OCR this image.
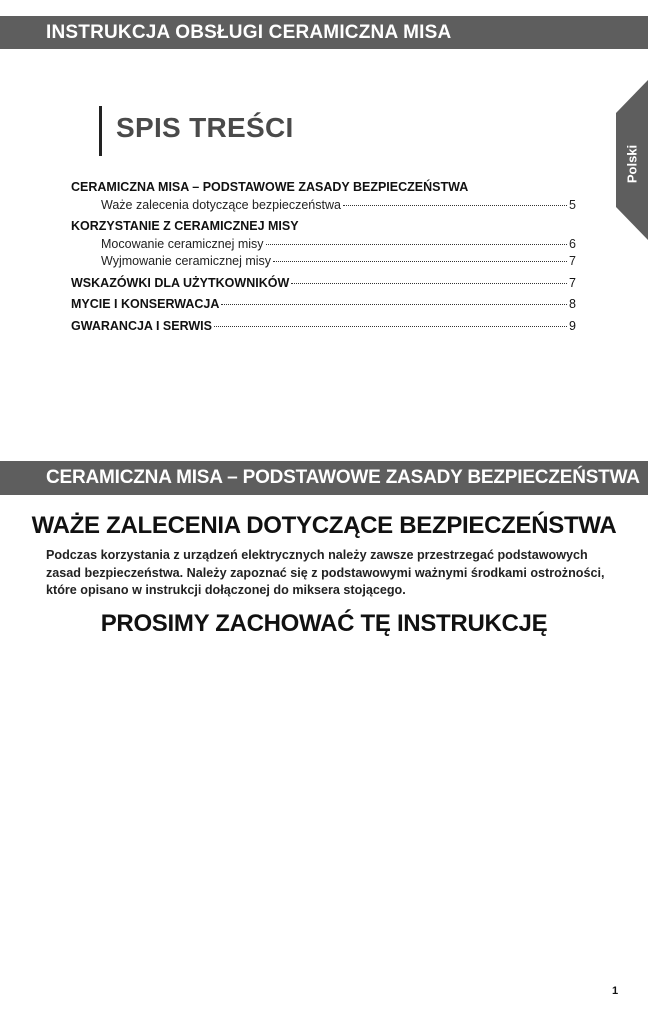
INSTRUKCJA OBSŁUGI CERAMICZNA MISA
Polski
SPIS TREŚCI
CERAMICZNA MISA – PODSTAWOWE ZASADY BEZPIECZEŃSTWA
Waże zalecenia dotyczące bezpieczeństwa	5
KORZYSTANIE Z CERAMICZNEJ MISY
Mocowanie ceramicznej misy	6
Wyjmowanie ceramicznej misy	7
WSKAZÓWKI DLA UŻYTKOWNIKÓW	7
MYCIE I KONSERWACJA	8
GWARANCJA I SERWIS	9
CERAMICZNA MISA – PODSTAWOWE ZASADY BEZPIECZEŃSTWA
WAŻE ZALECENIA DOTYCZĄCE BEZPIECZEŃSTWA

Podczas korzystania z urządzeń elektrycznych należy zawsze przestrzegać podstawowych zasad bezpieczeństwa. Należy zapoznać się z podstawowymi ważnymi środkami ostrożności, które opisano w instrukcji dołączonej do miksera stojącego.

PROSIMY ZACHOWAĆ TĘ INSTRUKCJĘ
1
